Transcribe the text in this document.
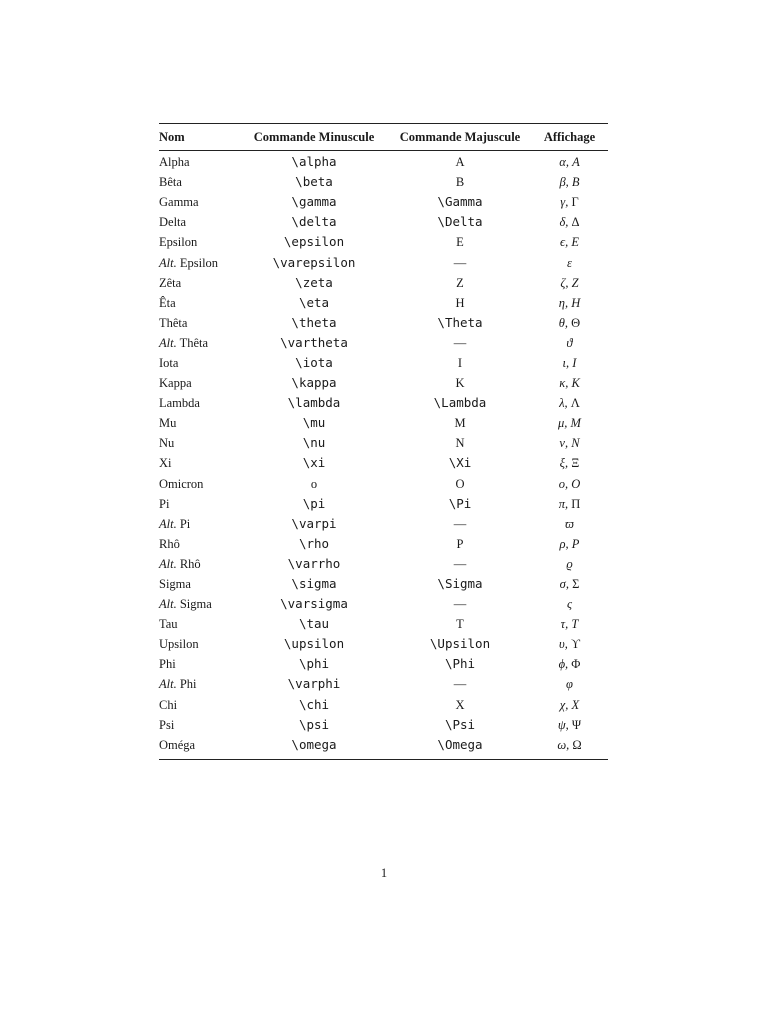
Nom	Commande Minuscule	Commande Majuscule	Affichage
Alpha	\alpha	A	α, A
Bêta	\beta	B	β, B
Gamma	\gamma	\Gamma	γ, Γ
Delta	\delta	\Delta	δ, Δ
Epsilon	\epsilon	E	ϵ, E
Alt. Epsilon	\varepsilon	—	ε
Zêta	\zeta	Z	ζ, Z
Êta	\eta	H	η, H
Thêta	\theta	\Theta	θ, Θ
Alt. Thêta	\vartheta	—	ϑ
Iota	\iota	I	ι, I
Kappa	\kappa	K	κ, K
Lambda	\lambda	\Lambda	λ, Λ
Mu	\mu	M	μ, M
Nu	\nu	N	ν, N
Xi	\xi	\Xi	ξ, Ξ
Omicron	o	O	o, O
Pi	\pi	\Pi	π, Π
Alt. Pi	\varpi	—	ϖ
Rhô	\rho	P	ρ, P
Alt. Rhô	\varrho	—	ϱ
Sigma	\sigma	\Sigma	σ, Σ
Alt. Sigma	\varsigma	—	ς
Tau	\tau	T	τ, T
Upsilon	\upsilon	\Upsilon	υ, ϒ
Phi	\phi	\Phi	ϕ, Φ
Alt. Phi	\varphi	—	φ
Chi	\chi	X	χ, X
Psi	\psi	\Psi	ψ, Ψ
Oméga	\omega	\Omega	ω, Ω
1
